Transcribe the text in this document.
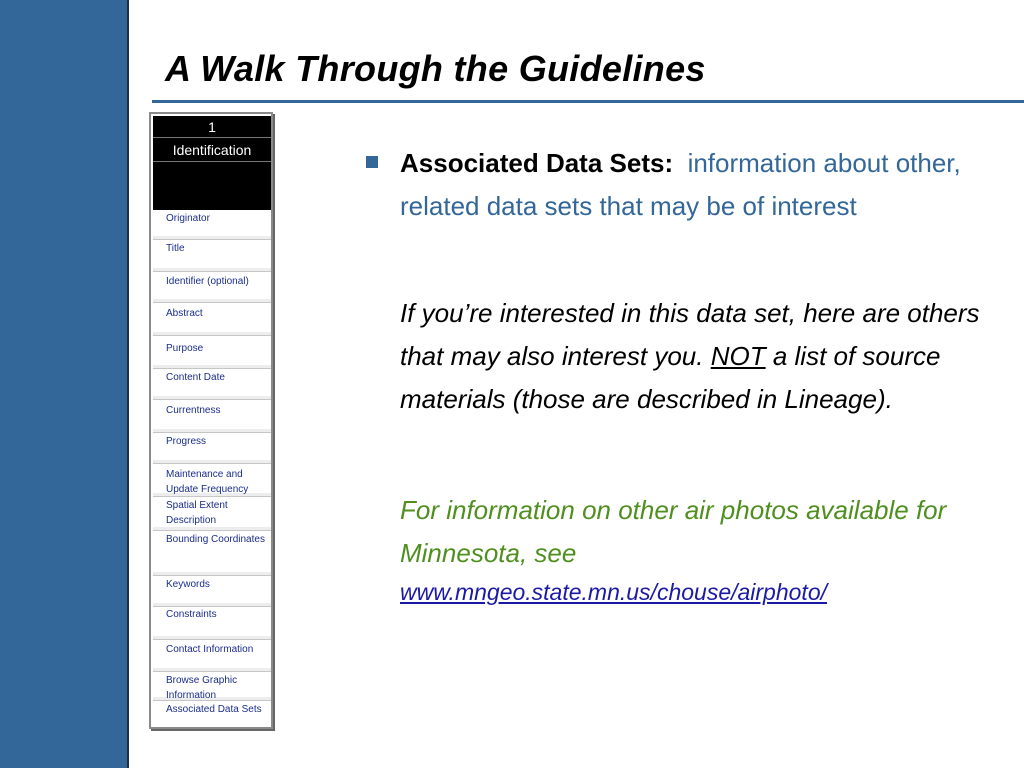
A Walk Through the Guidelines
1
Identification
Originator
Title
Identifier (optional)
Abstract
Purpose
Content Date
Currentness
Progress
Maintenance and Update Frequency
Spatial Extent Description
Bounding Coordinates
Keywords
Constraints
Contact Information
Browse Graphic Information
Associated Data Sets
Associated Data Sets: information about other, related data sets that may be of interest
If you’re interested in this data set, here are others that may also interest you. NOT a list of source materials (those are described in Lineage).
For information on other air photos available for Minnesota, see
www.mngeo.state.mn.us/chouse/airphoto/
